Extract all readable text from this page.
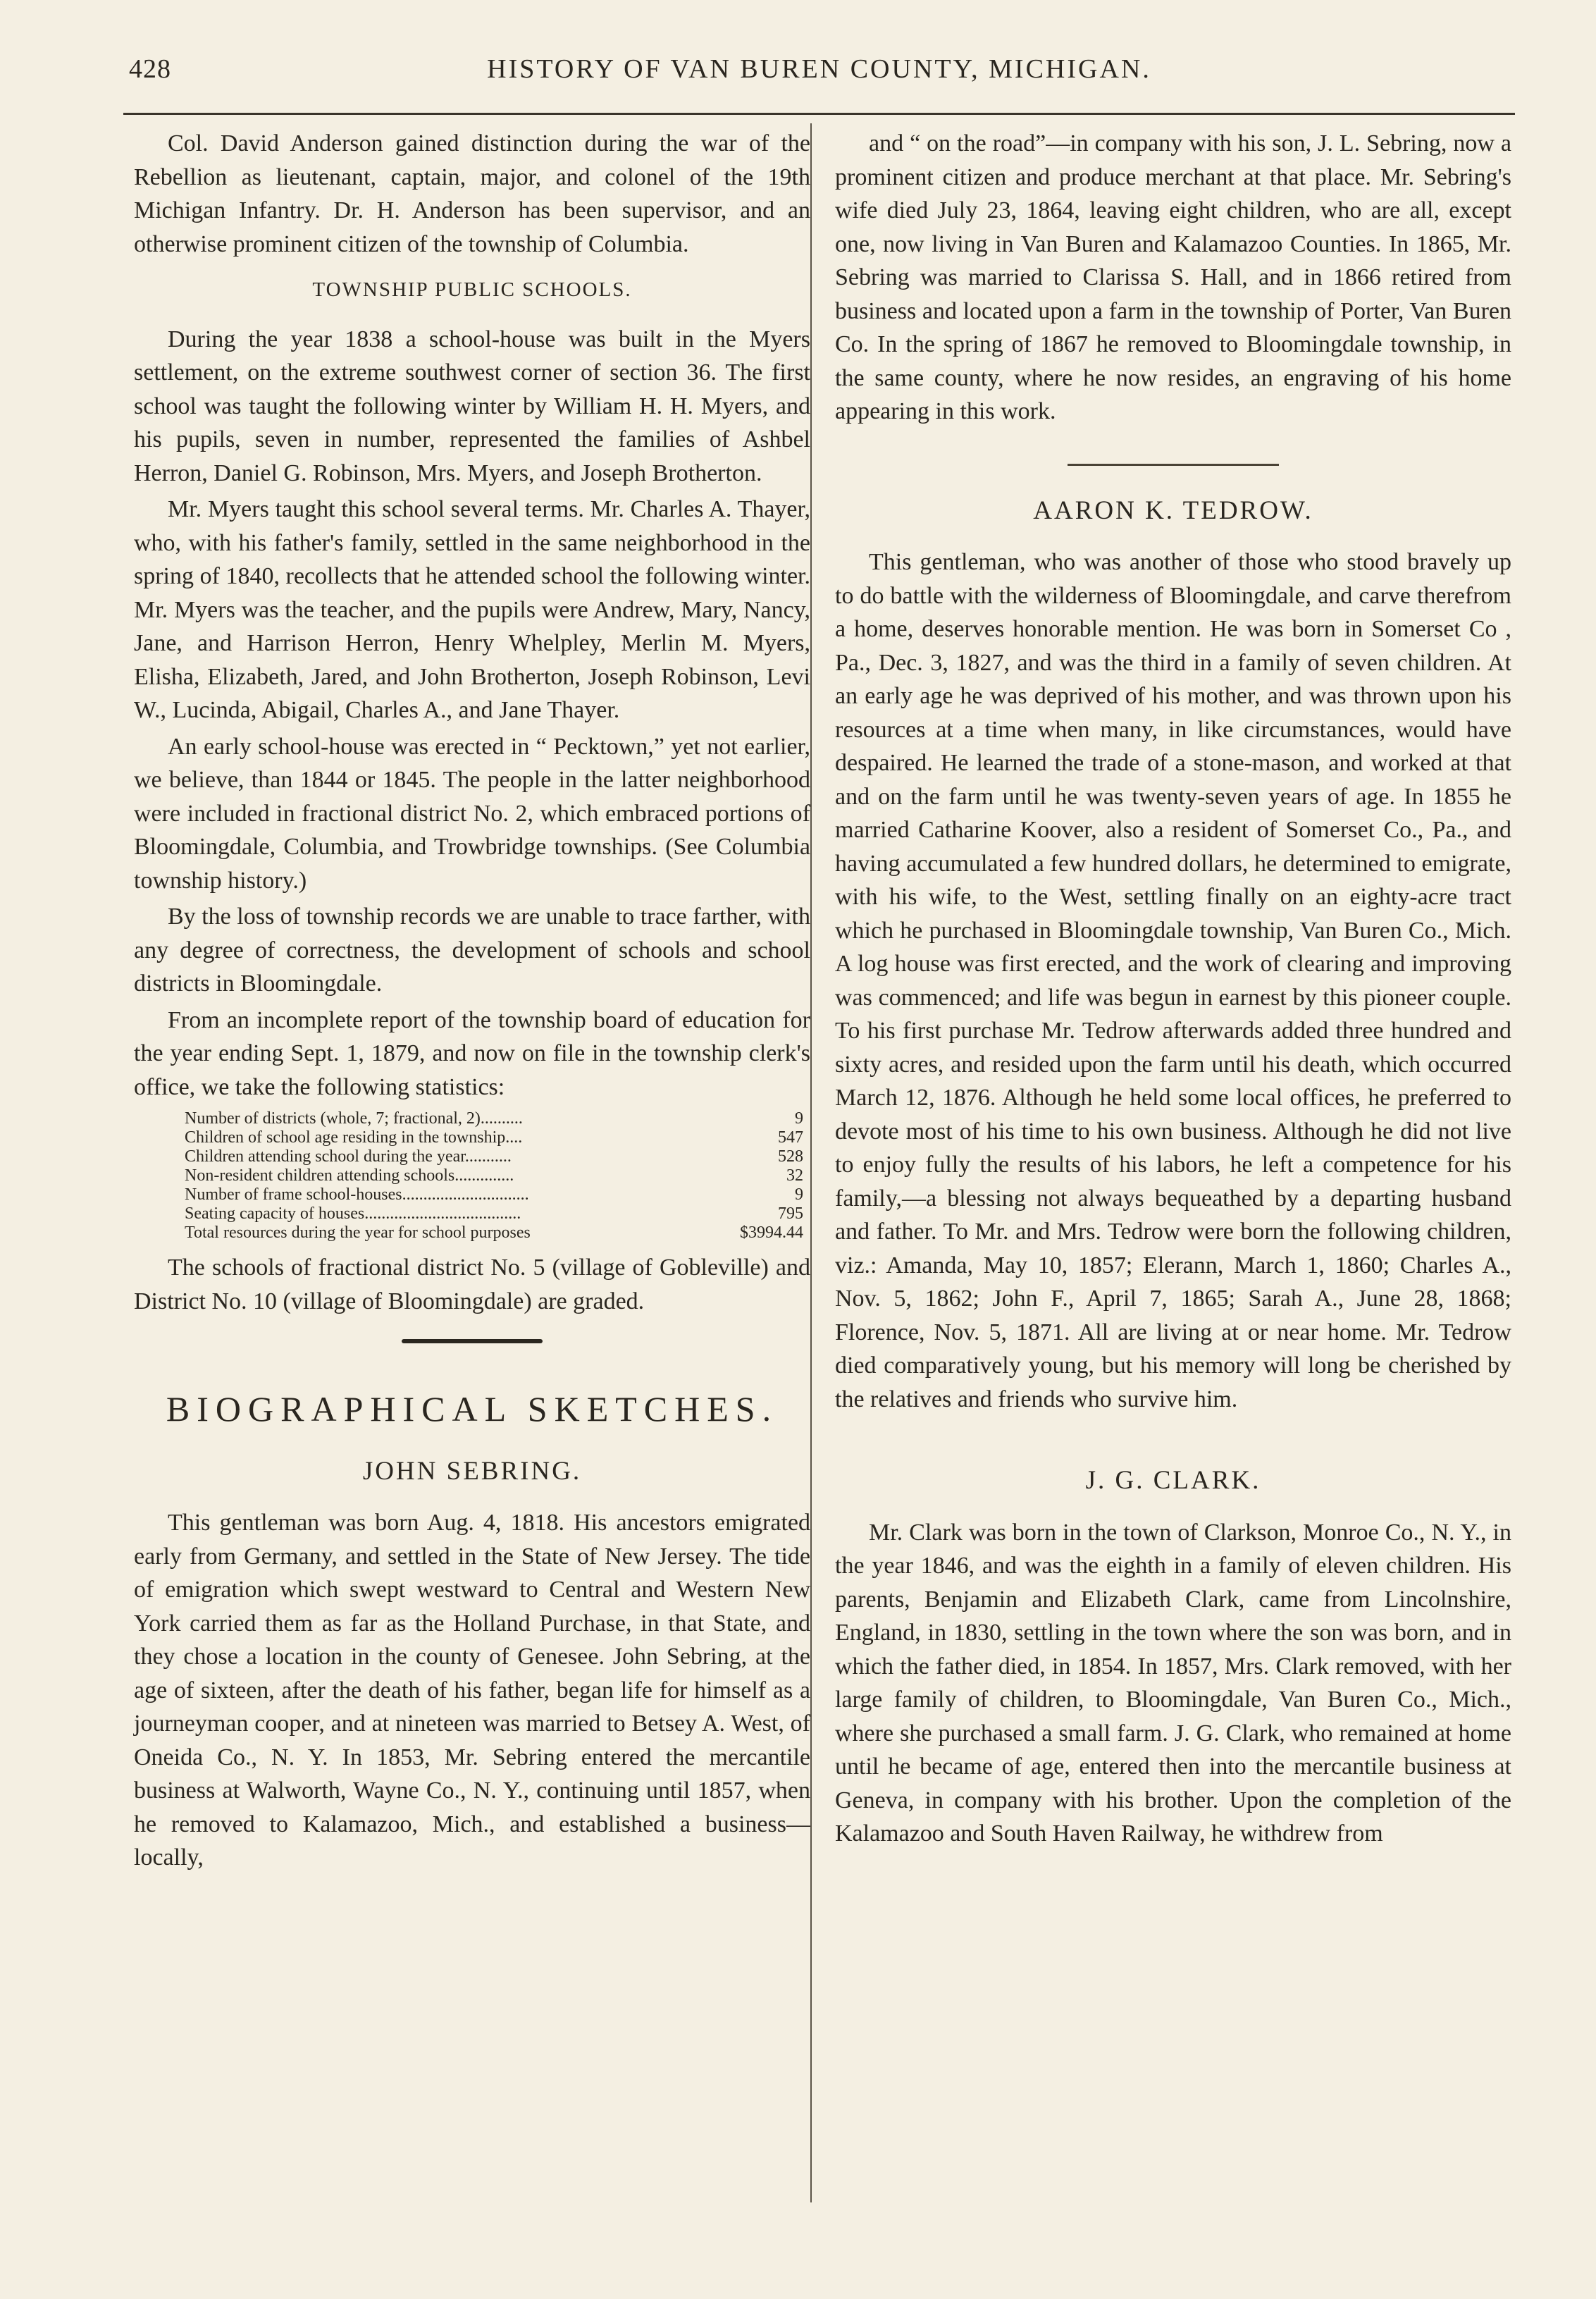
428	HISTORY OF VAN BUREN COUNTY, MICHIGAN.

Col. David Anderson gained distinction during the war of the Rebellion as lieutenant, captain, major, and colonel of the 19th Michigan Infantry. Dr. H. Anderson has been supervisor, and an otherwise prominent citizen of the township of Columbia.

TOWNSHIP PUBLIC SCHOOLS.

During the year 1838 a school-house was built in the Myers settlement, on the extreme southwest corner of section 36. The first school was taught the following winter by William H. H. Myers, and his pupils, seven in number, represented the families of Ashbel Herron, Daniel G. Robinson, Mrs. Myers, and Joseph Brotherton.

Mr. Myers taught this school several terms. Mr. Charles A. Thayer, who, with his father's family, settled in the same neighborhood in the spring of 1840, recollects that he attended school the following winter. Mr. Myers was the teacher, and the pupils were Andrew, Mary, Nancy, Jane, and Harrison Herron, Henry Whelpley, Merlin M. Myers, Elisha, Elizabeth, Jared, and John Brotherton, Joseph Robinson, Levi W., Lucinda, Abigail, Charles A., and Jane Thayer.

An early school-house was erected in “ Pecktown,” yet not earlier, we believe, than 1844 or 1845. The people in the latter neighborhood were included in fractional district No. 2, which embraced portions of Bloomingdale, Columbia, and Trowbridge townships. (See Columbia township history.)

By the loss of township records we are unable to trace farther, with any degree of correctness, the development of schools and school districts in Bloomingdale.

From an incomplete report of the township board of education for the year ending Sept. 1, 1879, and now on file in the township clerk's office, we take the following statistics:

Number of districts (whole, 7; fractional, 2)..........	9
Children of school age residing in the township....	547
Children attending school during the year...........	528
Non-resident children attending schools..............	32
Number of frame school-houses..............................	9
Seating capacity of houses.....................................	795
Total resources during the year for school purposes	$3994.44

The schools of fractional district No. 5 (village of Gobleville) and District No. 10 (village of Bloomingdale) are graded.

BIOGRAPHICAL SKETCHES.
JOHN SEBRING.

This gentleman was born Aug. 4, 1818. His ancestors emigrated early from Germany, and settled in the State of New Jersey. The tide of emigration which swept westward to Central and Western New York carried them as far as the Holland Purchase, in that State, and they chose a location in the county of Genesee. John Sebring, at the age of sixteen, after the death of his father, began life for himself as a journeyman cooper, and at nineteen was married to Betsey A. West, of Oneida Co., N. Y. In 1853, Mr. Sebring entered the mercantile business at Walworth, Wayne Co., N. Y., continuing until 1857, when he removed to Kalamazoo, Mich., and established a business—locally,

and “ on the road”—in company with his son, J. L. Sebring, now a prominent citizen and produce merchant at that place. Mr. Sebring's wife died July 23, 1864, leaving eight children, who are all, except one, now living in Van Buren and Kalamazoo Counties. In 1865, Mr. Sebring was married to Clarissa S. Hall, and in 1866 retired from business and located upon a farm in the township of Porter, Van Buren Co. In the spring of 1867 he removed to Bloomingdale township, in the same county, where he now resides, an engraving of his home appearing in this work.

AARON K. TEDROW.

This gentleman, who was another of those who stood bravely up to do battle with the wilderness of Bloomingdale, and carve therefrom a home, deserves honorable mention. He was born in Somerset Co , Pa., Dec. 3, 1827, and was the third in a family of seven children. At an early age he was deprived of his mother, and was thrown upon his resources at a time when many, in like circumstances, would have despaired. He learned the trade of a stone-mason, and worked at that and on the farm until he was twenty-seven years of age. In 1855 he married Catharine Koover, also a resident of Somerset Co., Pa., and having accumulated a few hundred dollars, he determined to emigrate, with his wife, to the West, settling finally on an eighty-acre tract which he purchased in Bloomingdale township, Van Buren Co., Mich. A log house was first erected, and the work of clearing and improving was commenced; and life was begun in earnest by this pioneer couple. To his first purchase Mr. Tedrow afterwards added three hundred and sixty acres, and resided upon the farm until his death, which occurred March 12, 1876. Although he held some local offices, he preferred to devote most of his time to his own business. Although he did not live to enjoy fully the results of his labors, he left a competence for his family,—a blessing not always bequeathed by a departing husband and father. To Mr. and Mrs. Tedrow were born the following children, viz.: Amanda, May 10, 1857; Elerann, March 1, 1860; Charles A., Nov. 5, 1862; John F., April 7, 1865; Sarah A., June 28, 1868; Florence, Nov. 5, 1871. All are living at or near home. Mr. Tedrow died comparatively young, but his memory will long be cherished by the relatives and friends who survive him.

J. G. CLARK.

Mr. Clark was born in the town of Clarkson, Monroe Co., N. Y., in the year 1846, and was the eighth in a family of eleven children. His parents, Benjamin and Elizabeth Clark, came from Lincolnshire, England, in 1830, settling in the town where the son was born, and in which the father died, in 1854. In 1857, Mrs. Clark removed, with her large family of children, to Bloomingdale, Van Buren Co., Mich., where she purchased a small farm. J. G. Clark, who remained at home until he became of age, entered then into the mercantile business at Geneva, in company with his brother. Upon the completion of the Kalamazoo and South Haven Railway, he withdrew from
